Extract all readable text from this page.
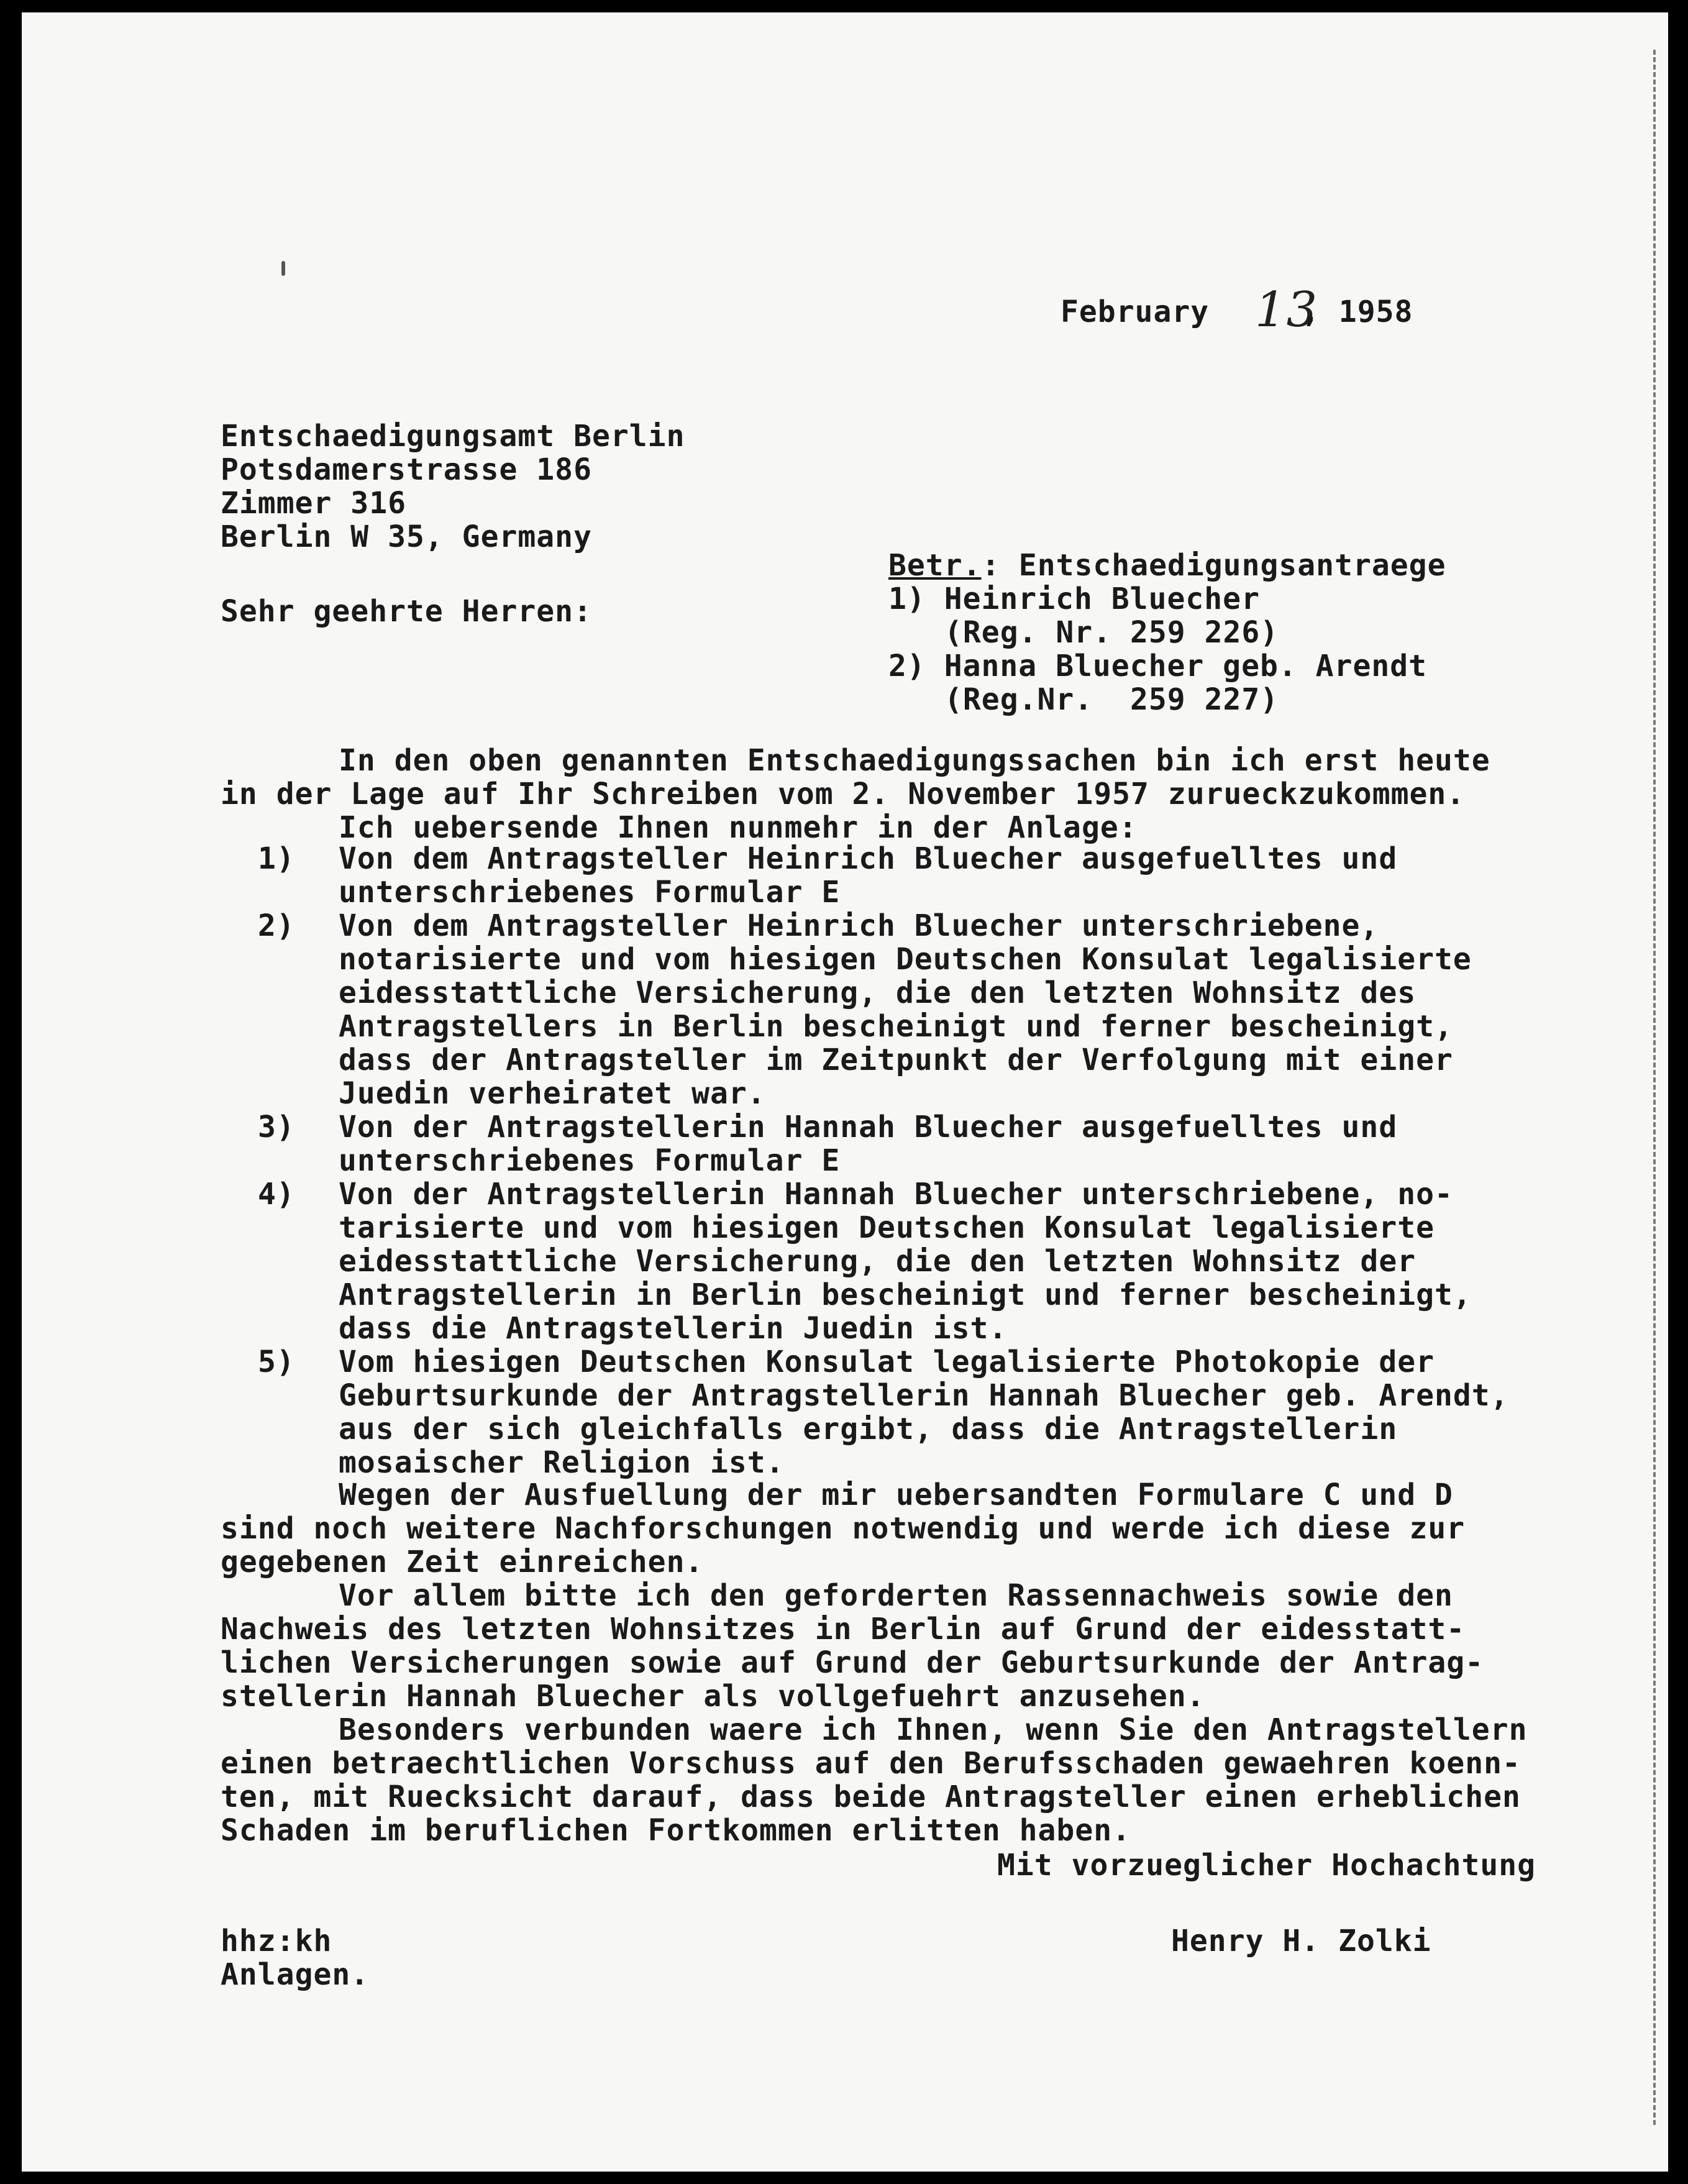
February 13

, 1958

Entschaedigungsamt Berlin

Potsdamerstrasse 186

Zimmer 316

Berlin W 35, Germany

Betr. : Entschaedigungsantraege

1) Heinrich Bluecher

(Reg. Nr. 259 226)

2) Hanna Bluecher geb. Arendt

(Reg.Nr.  259 227)

Sehr geehrte Herren:

In den oben genannten Entschaedigungssachen bin ich erst heute

in der Lage auf Ihr Schreiben vom 2. November 1957 zurueckzukommen.

Ich uebersende Ihnen nunmehr in der Anlage:

1) Von dem Antragsteller Heinrich Bluecher ausgefuelltes und

unterschriebenes Formular E

2) Von dem Antragsteller Heinrich Bluecher unterschriebene,

notarisierte und vom hiesigen Deutschen Konsulat legalisierte

eidesstattliche Versicherung, die den letzten Wohnsitz des

Antragstellers in Berlin bescheinigt und ferner bescheinigt,

dass der Antragsteller im Zeitpunkt der Verfolgung mit einer

Juedin verheiratet war.

3) Von der Antragstellerin Hannah Bluecher ausgefuelltes und

unterschriebenes Formular E

4) Von der Antragstellerin Hannah Bluecher unterschriebene, no-

tarisierte und vom hiesigen Deutschen Konsulat legalisierte

eidesstattliche Versicherung, die den letzten Wohnsitz der

Antragstellerin in Berlin bescheinigt und ferner bescheinigt,

dass die Antragstellerin Juedin ist.

5) Vom hiesigen Deutschen Konsulat legalisierte Photokopie der

Geburtsurkunde der Antragstellerin Hannah Bluecher geb. Arendt,

aus der sich gleichfalls ergibt, dass die Antragstellerin

mosaischer Religion ist.

Wegen der Ausfuellung der mir uebersandten Formulare C und D

sind noch weitere Nachforschungen notwendig und werde ich diese zur

gegebenen Zeit einreichen.

Vor allem bitte ich den geforderten Rassennachweis sowie den

Nachweis des letzten Wohnsitzes in Berlin auf Grund der eidesstatt-

lichen Versicherungen sowie auf Grund der Geburtsurkunde der Antrag-

stellerin Hannah Bluecher als vollgefuehrt anzusehen.

Besonders verbunden waere ich Ihnen, wenn Sie den Antragstellern

einen betraechtlichen Vorschuss auf den Berufsschaden gewaehren koenn-

ten, mit Ruecksicht darauf, dass beide Antragsteller einen erheblichen

Schaden im beruflichen Fortkommen erlitten haben.

Mit vorzueglicher Hochachtung

Henry H. Zolki

hhz:kh

Anlagen.
